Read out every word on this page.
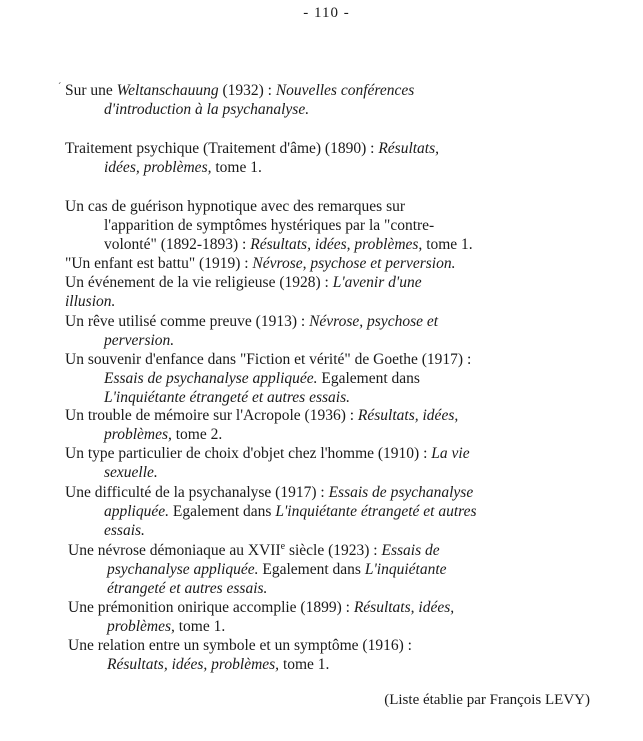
- 110 -
ˊ Sur une Weltanschauung (1932) : Nouvelles conférences
d'introduction à la psychanalyse.
Traitement psychique (Traitement d'âme) (1890) : Résultats,
idées, problèmes, tome 1.
Un cas de guérison hypnotique avec des remarques sur
l'apparition de symptômes hystériques par la "contre-
volonté" (1892-1893) : Résultats, idées, problèmes, tome 1.
"Un enfant est battu" (1919) : Névrose, psychose et perversion.
Un événement de la vie religieuse (1928) : L'avenir d'une
illusion.
Un rêve utilisé comme preuve (1913) : Névrose, psychose et
perversion.
Un souvenir d'enfance dans "Fiction et vérité" de Goethe (1917) :
Essais de psychanalyse appliquée. Egalement dans
L'inquiétante étrangeté et autres essais.
Un trouble de mémoire sur l'Acropole (1936) : Résultats, idées,
problèmes, tome 2.
Un type particulier de choix d'objet chez l'homme (1910) : La vie
sexuelle.
Une difficulté de la psychanalyse (1917) : Essais de psychanalyse
appliquée. Egalement dans L'inquiétante étrangeté et autres
essais.
Une névrose démoniaque au XVIIe siècle (1923) : Essais de
psychanalyse appliquée. Egalement dans L'inquiétante
étrangeté et autres essais.
Une prémonition onirique accomplie (1899) : Résultats, idées,
problèmes, tome 1.
Une relation entre un symbole et un symptôme (1916) :
Résultats, idées, problèmes, tome 1.
(Liste établie par François LEVY)
